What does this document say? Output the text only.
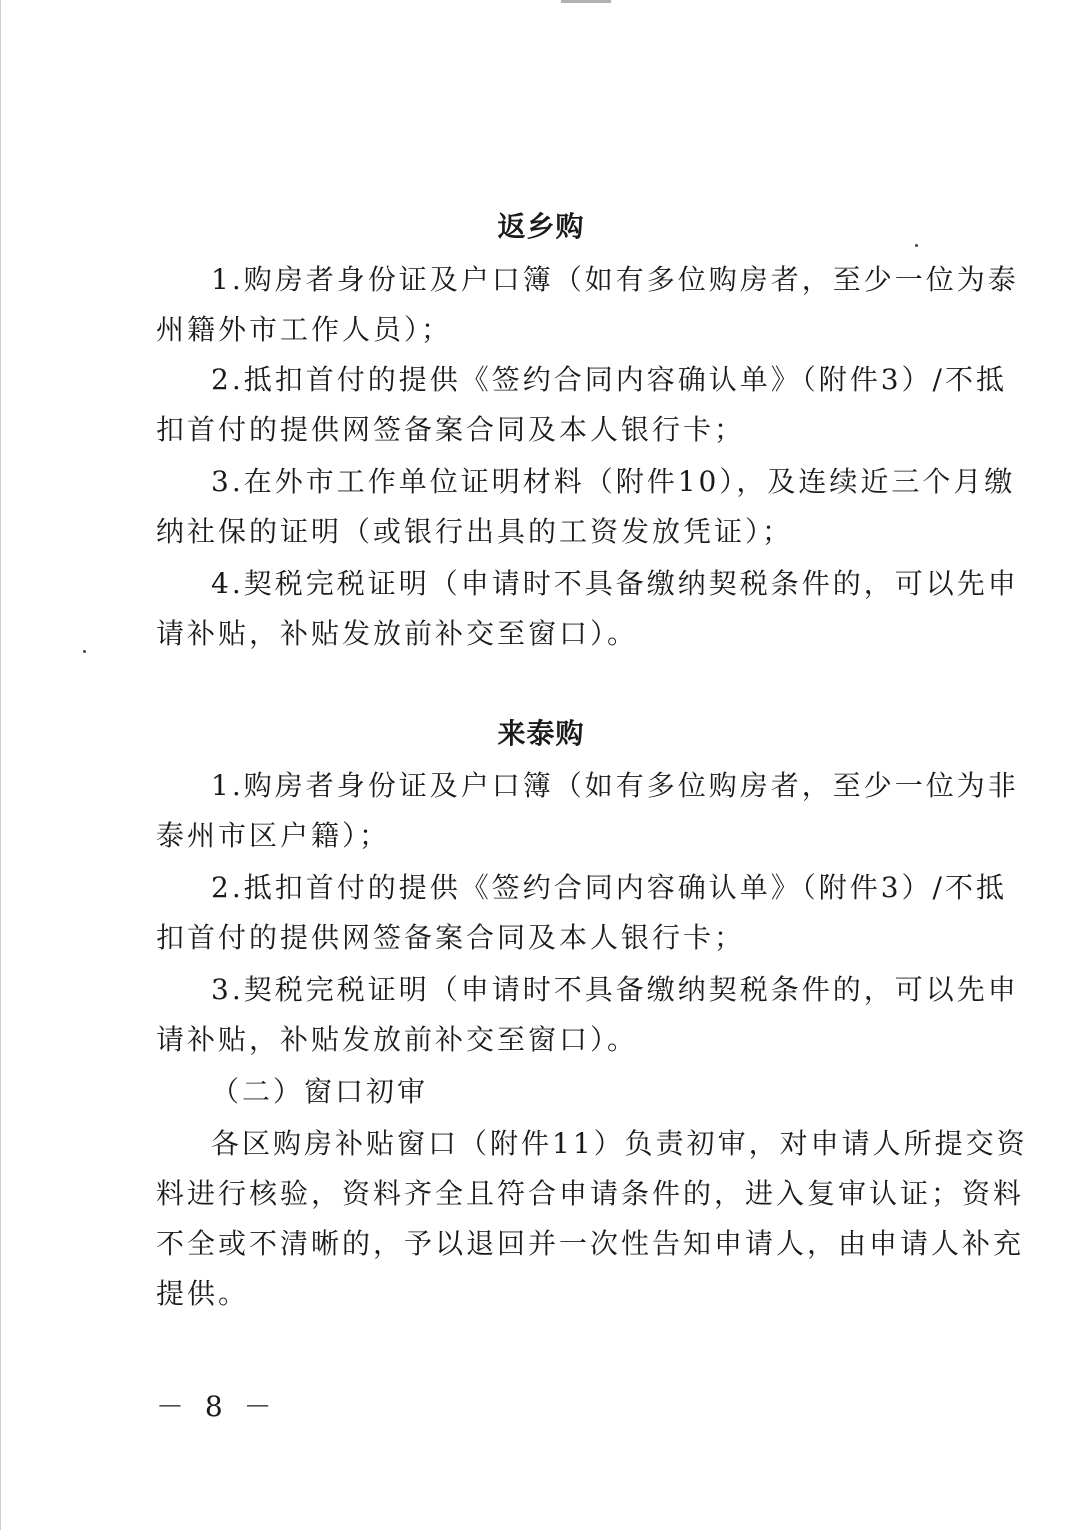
返乡购
1.购房者身份证及户口簿（如有多位购房者，至少一位为泰
州籍外市工作人员）；
2.抵扣首付的提供《签约合同内容确认单》（附件3）/不抵
扣首付的提供网签备案合同及本人银行卡；
3.在外市工作单位证明材料（附件10），及连续近三个月缴
纳社保的证明（或银行出具的工资发放凭证）；
4.契税完税证明（申请时不具备缴纳契税条件的，可以先申
请补贴，补贴发放前补交至窗口）。
来泰购
1.购房者身份证及户口簿（如有多位购房者，至少一位为非
泰州市区户籍）；
2.抵扣首付的提供《签约合同内容确认单》（附件3）/不抵
扣首付的提供网签备案合同及本人银行卡；
3.契税完税证明（申请时不具备缴纳契税条件的，可以先申
请补贴，补贴发放前补交至窗口）。
（二）窗口初审
各区购房补贴窗口（附件11）负责初审，对申请人所提交资
料进行核验，资料齐全且符合申请条件的，进入复审认证；资料
不全或不清晰的，予以退回并一次性告知申请人，由申请人补充
提供。
－ 8 －
